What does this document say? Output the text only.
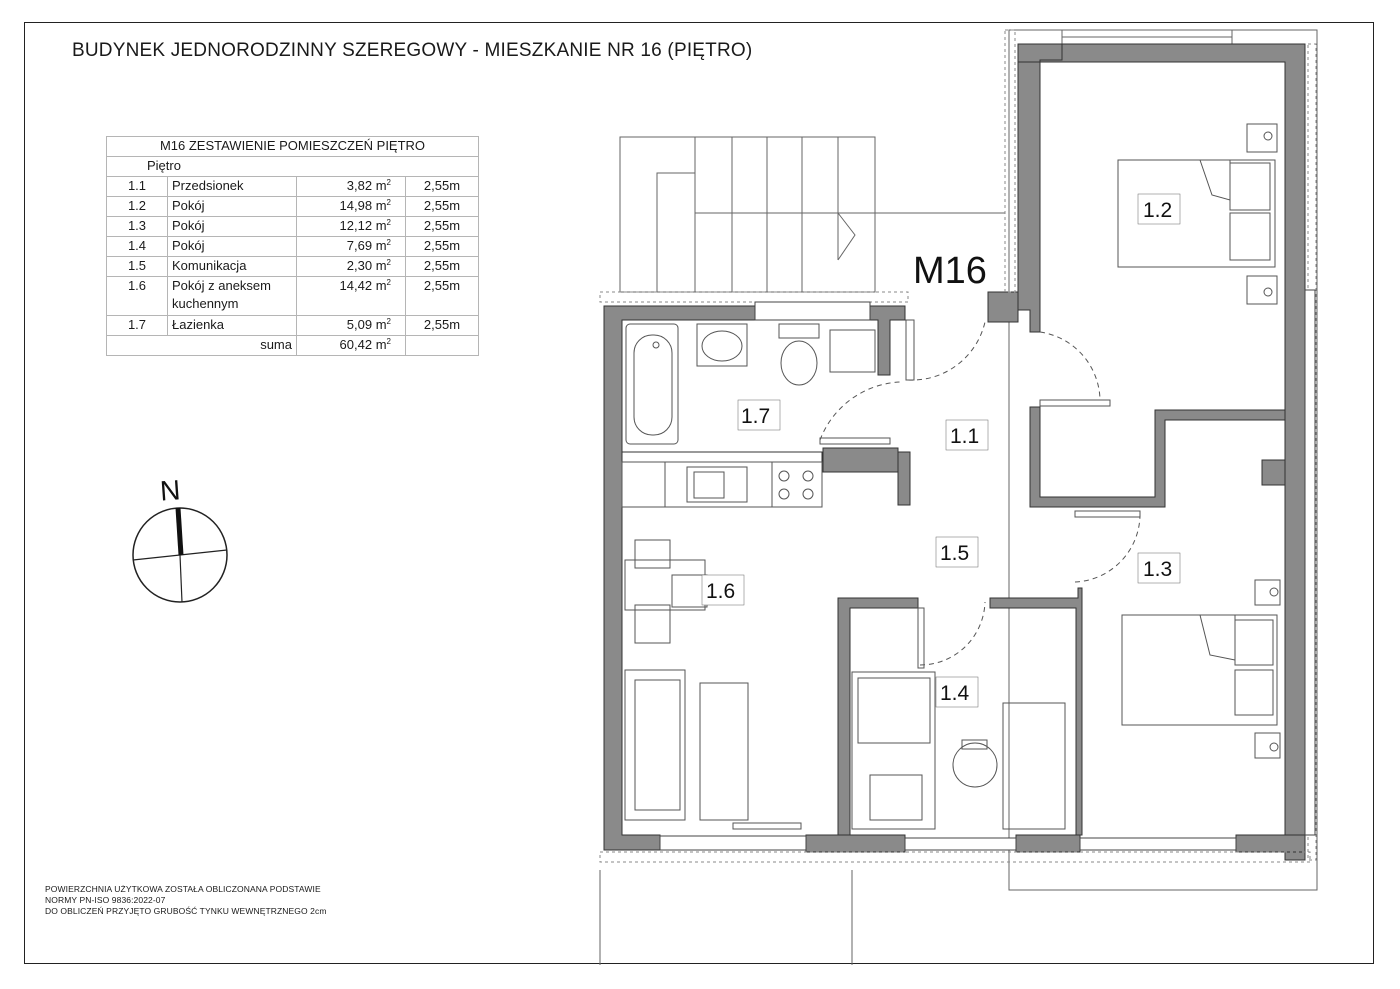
BUDYNEK JEDNORODZINNY SZEREGOWY - MIESZKANIE NR 16 (PIĘTRO)
M16 ZESTAWIENIE POMIESZCZEŃ PIĘTRO			
Piętro			
1.1	Przedsionek	3,82 $m^2$	2,55m
1.2	Pokój	14,98 $m^2$	2,55m
1.3	Pokój	12,12 $m^2$	2,55m
1.4	Pokój	7,69 $m^2$	2,55m
1.5	Komunikacja	2,30 $m^2$	2,55m
1.6	Pokój z aneksem kuchennym	14,42 $m^2$	2,55m
1.7	Łazienka	5,09 $m^2$	2,55m
suma		60,42 $m^2$	
N
M16
1.2
1.7
1.1
1.5
1.3
1.6
1.4
POWIERZCHNIA UŻYTKOWA ZOSTAŁA OBLICZONANA PODSTAWIE
NORMY PN-ISO 9836:2022-07
DO OBLICZEŃ PRZYJĘTO GRUBOŚĆ TYNKU WEWNĘTRZNEGO 2cm
